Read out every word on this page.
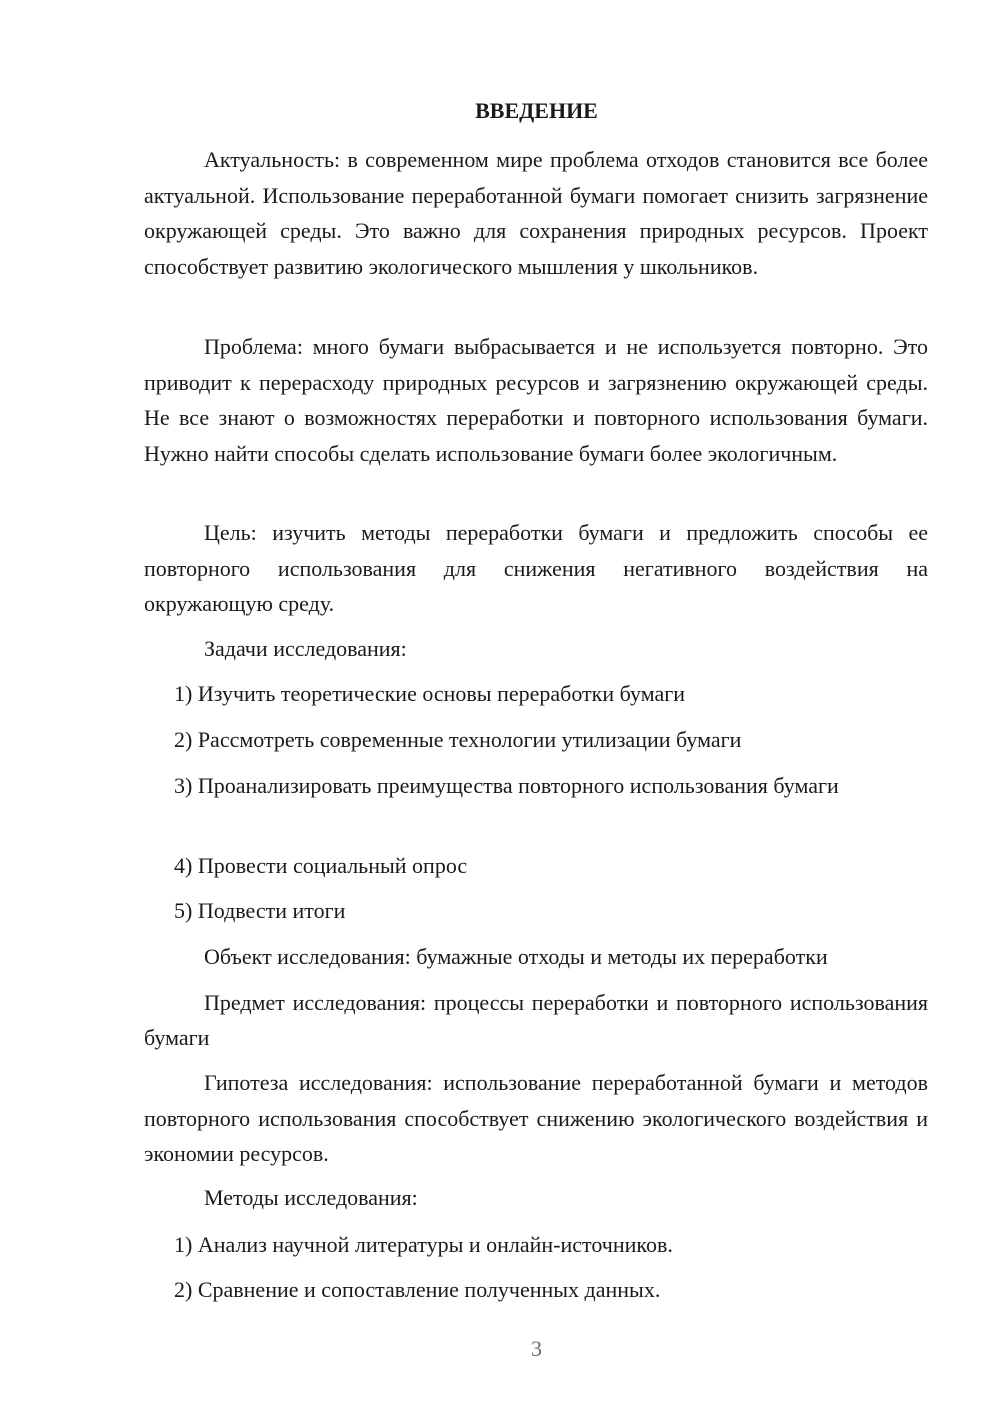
ВВЕДЕНИЕ

Актуальность: в современном мире проблема отходов становится все более актуальной. Использование переработанной бумаги помогает снизить загрязнение окружающей среды. Это важно для сохранения природных ресурсов. Проект способствует развитию экологического мышления у школьников.

Проблема: много бумаги выбрасывается и не используется повторно. Это приводит к перерасходу природных ресурсов и загрязнению окружающей среды. Не все знают о возможностях переработки и повторного использования бумаги. Нужно найти способы сделать использование бумаги более экологичным.

Цель: изучить методы переработки бумаги и предложить способы ее повторного использования для снижения негативного воздействия на окружающую среду.

Задачи исследования:

1) Изучить теоретические основы переработки бумаги

2) Рассмотреть современные технологии утилизации бумаги

3) Проанализировать преимущества повторного использования бумаги

4) Провести социальный опрос

5) Подвести итоги

Объект исследования: бумажные отходы и методы их переработки

Предмет исследования: процессы переработки и повторного использования бумаги

Гипотеза исследования: использование переработанной бумаги и методов повторного использования способствует снижению экологического воздействия и экономии ресурсов.

Методы исследования:

1) Анализ научной литературы и онлайн-источников.

2) Сравнение и сопоставление полученных данных.

3
